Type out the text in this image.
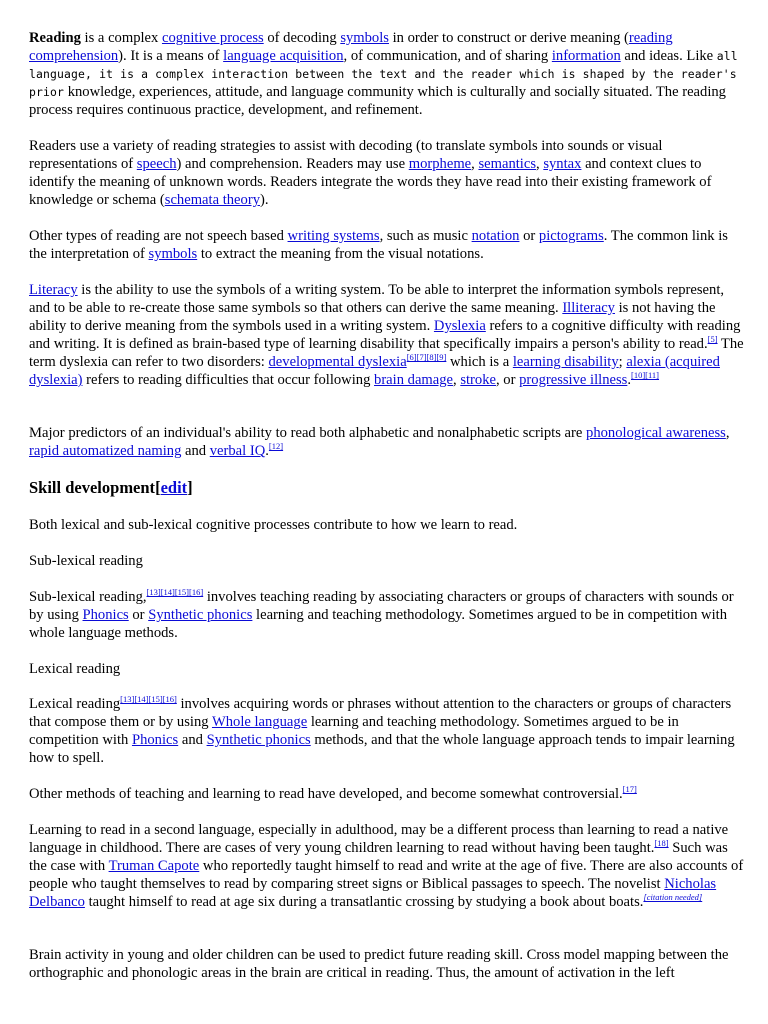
Reading is a complex cognitive process of decoding symbols in order to construct or derive meaning (reading comprehension). It is a means of language acquisition, of communication, and of sharing information and ideas. Like all language, it is a complex interaction between the text and the reader which is shaped by the reader's prior knowledge, experiences, attitude, and language community which is culturally and socially situated. The reading process requires continuous practice, development, and refinement.

Readers use a variety of reading strategies to assist with decoding (to translate symbols into sounds or visual representations of speech) and comprehension. Readers may use morpheme, semantics, syntax and context clues to identify the meaning of unknown words. Readers integrate the words they have read into their existing framework of knowledge or schema (schemata theory).

Other types of reading are not speech based writing systems, such as music notation or pictograms. The common link is the interpretation of symbols to extract the meaning from the visual notations.

Literacy is the ability to use the symbols of a writing system. To be able to interpret the information symbols represent, and to be able to re-create those same symbols so that others can derive the same meaning. Illiteracy is not having the ability to derive meaning from the symbols used in a writing system. Dyslexia refers to a cognitive difficulty with reading and writing. It is defined as brain-based type of learning disability that specifically impairs a person's ability to read.[5] The term dyslexia can refer to two disorders: developmental dyslexia[6][7][8][9] which is a learning disability; alexia (acquired dyslexia) refers to reading difficulties that occur following brain damage, stroke, or progressive illness.[10][11]

Major predictors of an individual's ability to read both alphabetic and nonalphabetic scripts are phonological awareness, rapid automatized naming and verbal IQ.[12]

Skill development[edit]

Both lexical and sub-lexical cognitive processes contribute to how we learn to read.

Sub-lexical reading

Sub-lexical reading,[13][14][15][16] involves teaching reading by associating characters or groups of characters with sounds or by using Phonics or Synthetic phonics learning and teaching methodology. Sometimes argued to be in competition with whole language methods.

Lexical reading

Lexical reading[13][14][15][16] involves acquiring words or phrases without attention to the characters or groups of characters that compose them or by using Whole language learning and teaching methodology. Sometimes argued to be in competition with Phonics and Synthetic phonics methods, and that the whole language approach tends to impair learning how to spell.

Other methods of teaching and learning to read have developed, and become somewhat controversial.[17]

Learning to read in a second language, especially in adulthood, may be a different process than learning to read a native language in childhood. There are cases of very young children learning to read without having been taught.[18] Such was the case with Truman Capote who reportedly taught himself to read and write at the age of five. There are also accounts of people who taught themselves to read by comparing street signs or Biblical passages to speech. The novelist Nicholas Delbanco taught himself to read at age six during a transatlantic crossing by studying a book about boats.[citation needed]

Brain activity in young and older children can be used to predict future reading skill. Cross model mapping between the orthographic and phonologic areas in the brain are critical in reading. Thus, the amount of activation in the left
